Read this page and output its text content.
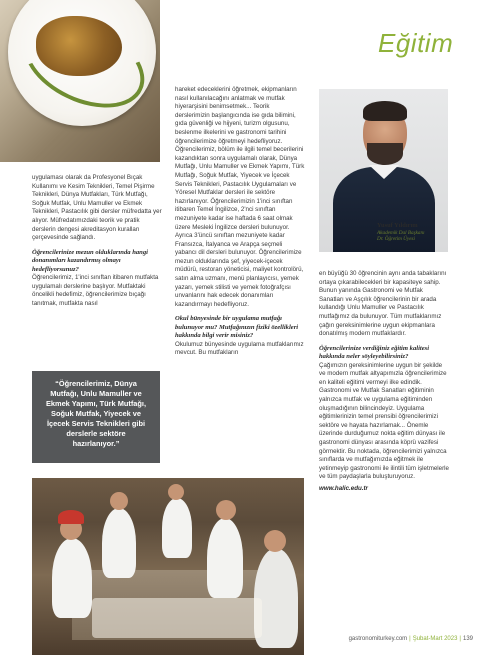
Eğitim

uygulaması olarak da Profesyonel Bıçak Kullanımı ve Kesim Teknikleri, Temel Pişirme Teknikleri, Dünya Mutfakları, Türk Mutfağı, Soğuk Mutfak, Unlu Mamuller ve Ekmek Teknikleri, Pastacılık gibi dersler müfredatta yer alıyor. Müfredatımızdaki teorik ve pratik derslerin dengesi akreditasyon kuralları çerçevesinde sağlandı.

Öğrencilerinize mezun olduklarında hangi donanımları kazandırmış olmayı hedefliyorsunuz?

Öğrencilerimiz, 1'inci sınıftan itibaren mutfakta uygulamalı derslerine başlıyor. Mutfaktaki öncelikli hedefimiz, öğrencilerimize bıçağı tanıtmak, mutfakta nasıl

“Öğrencilerimiz, Dünya Mutfağı, Unlu Mamuller ve Ekmek Yapımı, Türk Mutfağı, Soğuk Mutfak, Yiyecek ve İçecek Servis Teknikleri gibi derslerle sektöre hazırlanıyor.”

hareket edeceklerini öğretmek, ekipmanların nasıl kullanılacağını anlatmak ve mutfak hiyerarşisini benimsetmek... Teorik derslerimizin başlangıcında ise gıda bilimini, gıda güvenliği ve hijyeni, turizm olgusunu, beslenme ilkelerini ve gastronomi tarihini öğrencilerimize öğretmeyi hedefliyoruz. Öğrencilerimiz, bölüm ile ilgili temel becerilerini kazandıktan sonra uygulamalı olarak, Dünya Mutfağı, Unlu Mamuller ve Ekmek Yapımı, Türk Mutfağı, Soğuk Mutfak, Yiyecek ve İçecek Servis Teknikleri, Pastacılık Uygulamaları ve Yöresel Mutfaklar dersleri ile sektöre hazırlanıyor. Öğrencilerimizin 1'inci sınıftan itibaren Temel İngilizce, 2'nci sınıftan mezuniyete kadar ise haftada 6 saat olmak üzere Mesleki İngilizce dersleri bulunuyor. Ayrıca 3'üncü sınıftan mezuniyete kadar Fransızca, İtalyanca ve Arapça seçmeli yabancı dil dersleri bulunuyor. Öğrencilerimize mezun olduklarında şef, yiyecek-içecek müdürü, restoran yöneticisi, maliyet kontrolörü, satın alma uzmanı, menü planlayıcısı, yemek yazarı, yemek stilisti ve yemek fotoğrafçısı unvanlarını hak edecek donanımları kazandırmayı hedefliyoruz.

Okul bünyesinde bir uygulama mutfağı bulunuyor mu? Mutfağınızın fiziki özellikleri hakkında bilgi verir misiniz?

Okulumuz bünyesinde uygulama mutfaklarımız mevcut. Bu mutfakların

Yusuf Yıldırım
Akademik Dal Başkanı
Dr. Öğretim Üyesi

en büyüğü 30 öğrencinin aynı anda tabaklarını ortaya çıkarabilecekleri bir kapasiteye sahip. Bunun yanında Gastronomi ve Mutfak Sanatları ve Aşçılık öğrencilerinin bir arada kullandığı Unlu Mamuller ve Pastacılık mutfağımız da bulunuyor. Tüm mutfaklarımız çağın gereksinimlerine uygun ekipmanlara donatılmış modern mutfaklardır.

Öğrencilerinize verdiğiniz eğitim kalitesi hakkında neler söyleyebilirsiniz?

Çağımızın gereksinimlerine uygun bir şekilde ve modern mutfak altyapımızla öğrencilerimize en kaliteli eğitimi vermeyi ilke edindik. Gastronomi ve Mutfak Sanatları eğitiminin yalnızca mutfak ve uygulama eğitiminden oluşmadığının bilincindeyiz. Uygulama eğitimlerinizin temel prensibi öğrencilerimizi sektöre ve hayata hazırlamak... Önemle üzerinde durduğumuz nokta eğitim dünyası ile gastronomi dünyası arasında köprü vazifesi görmektir. Bu noktada, öğrencilerimizi yalnızca sınıflarda ve mutfağımızda eğitmek ile yetinmeyip gastronomi ile ilintili tüm işletmelerle ve tüm paydaşlarla buluşturuyoruz.

www.halic.edu.tr

gastronomiturkey.com | Şubat-Mart 2023 | 139
